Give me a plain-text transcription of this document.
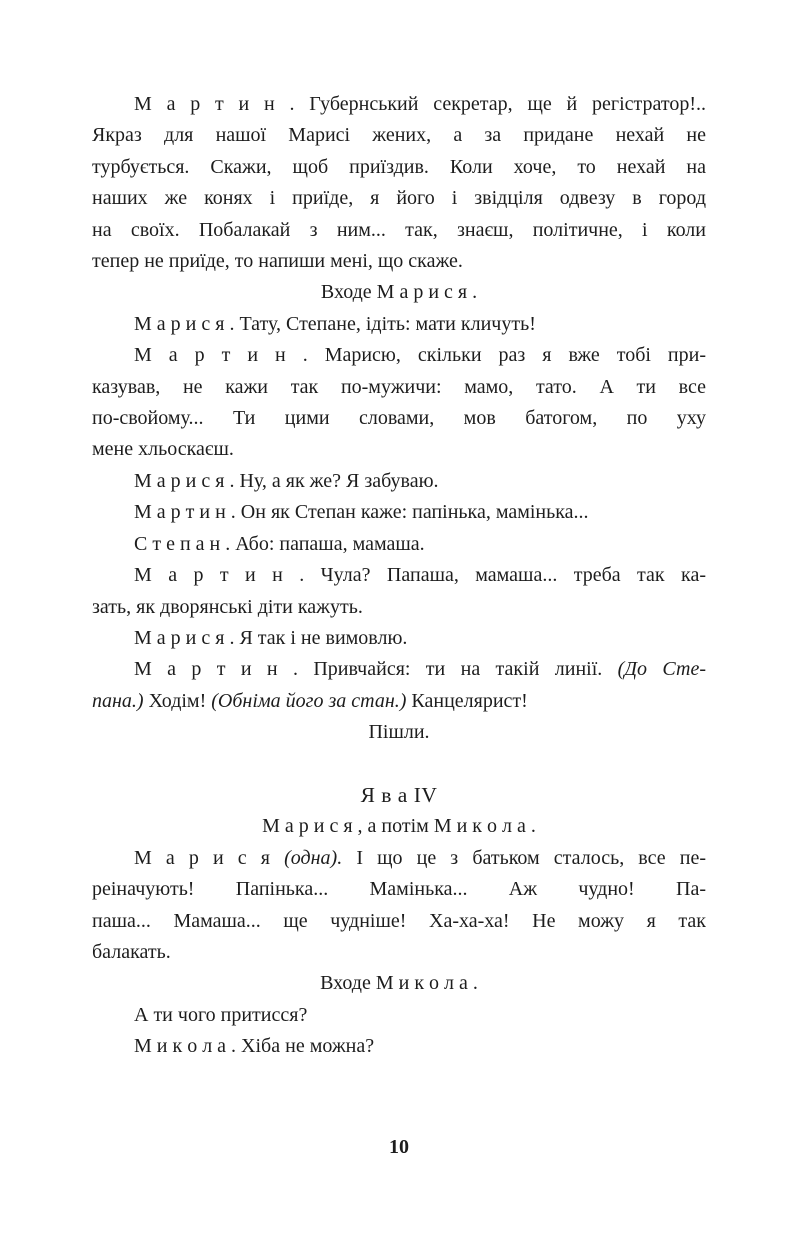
М а р т и н . Губернський секретар, ще й регістратор!..
Якраз для нашої Марисі жених, а за придане нехай не
турбується. Скажи, щоб приїздив. Коли хоче, то нехай на
наших же конях і приїде, я його і звідціля одвезу в город
на своїх. Побалакай з ним... так, знаєш, політичне, і коли
тепер не приїде, то напиши мені, що скаже.
Входе М а р и с я .
М а р и с я . Тату, Степане, ідіть: мати кличуть!
М а р т и н . Марисю, скільки раз я вже тобі при-
казував, не кажи так по-мужичи: мамо, тато. А ти все
по-свойому... Ти цими словами, мов батогом, по уху
мене хльоскаєш.
М а р и с я . Ну, а як же? Я забуваю.
М а р т и н . Он як Степан каже: папінька, мамінька...
С т е п а н . Або: папаша, мамаша.
М а р т и н . Чула? Папаша, мамаша... треба так ка-
зать, як дворянські діти кажуть.
М а р и с я . Я так і не вимовлю.
М а р т и н . Привчайся: ти на такій линії. (До Сте-
пана.) Ходім! (Обніма його за стан.) Канцелярист!
Пішли.
Я в а IV
М а р и с я , а потім М и к о л а .
М а р и с я (одна). І що це з батьком сталось, все пе-
реіначують! Папінька... Мамінька... Аж чудно! Па-
паша... Мамаша... ще чудніше! Ха-ха-ха! Не можу я так
балакать.
Входе М и к о л а .
А ти чого притисся?
М и к о л а . Хіба не можна?
10
